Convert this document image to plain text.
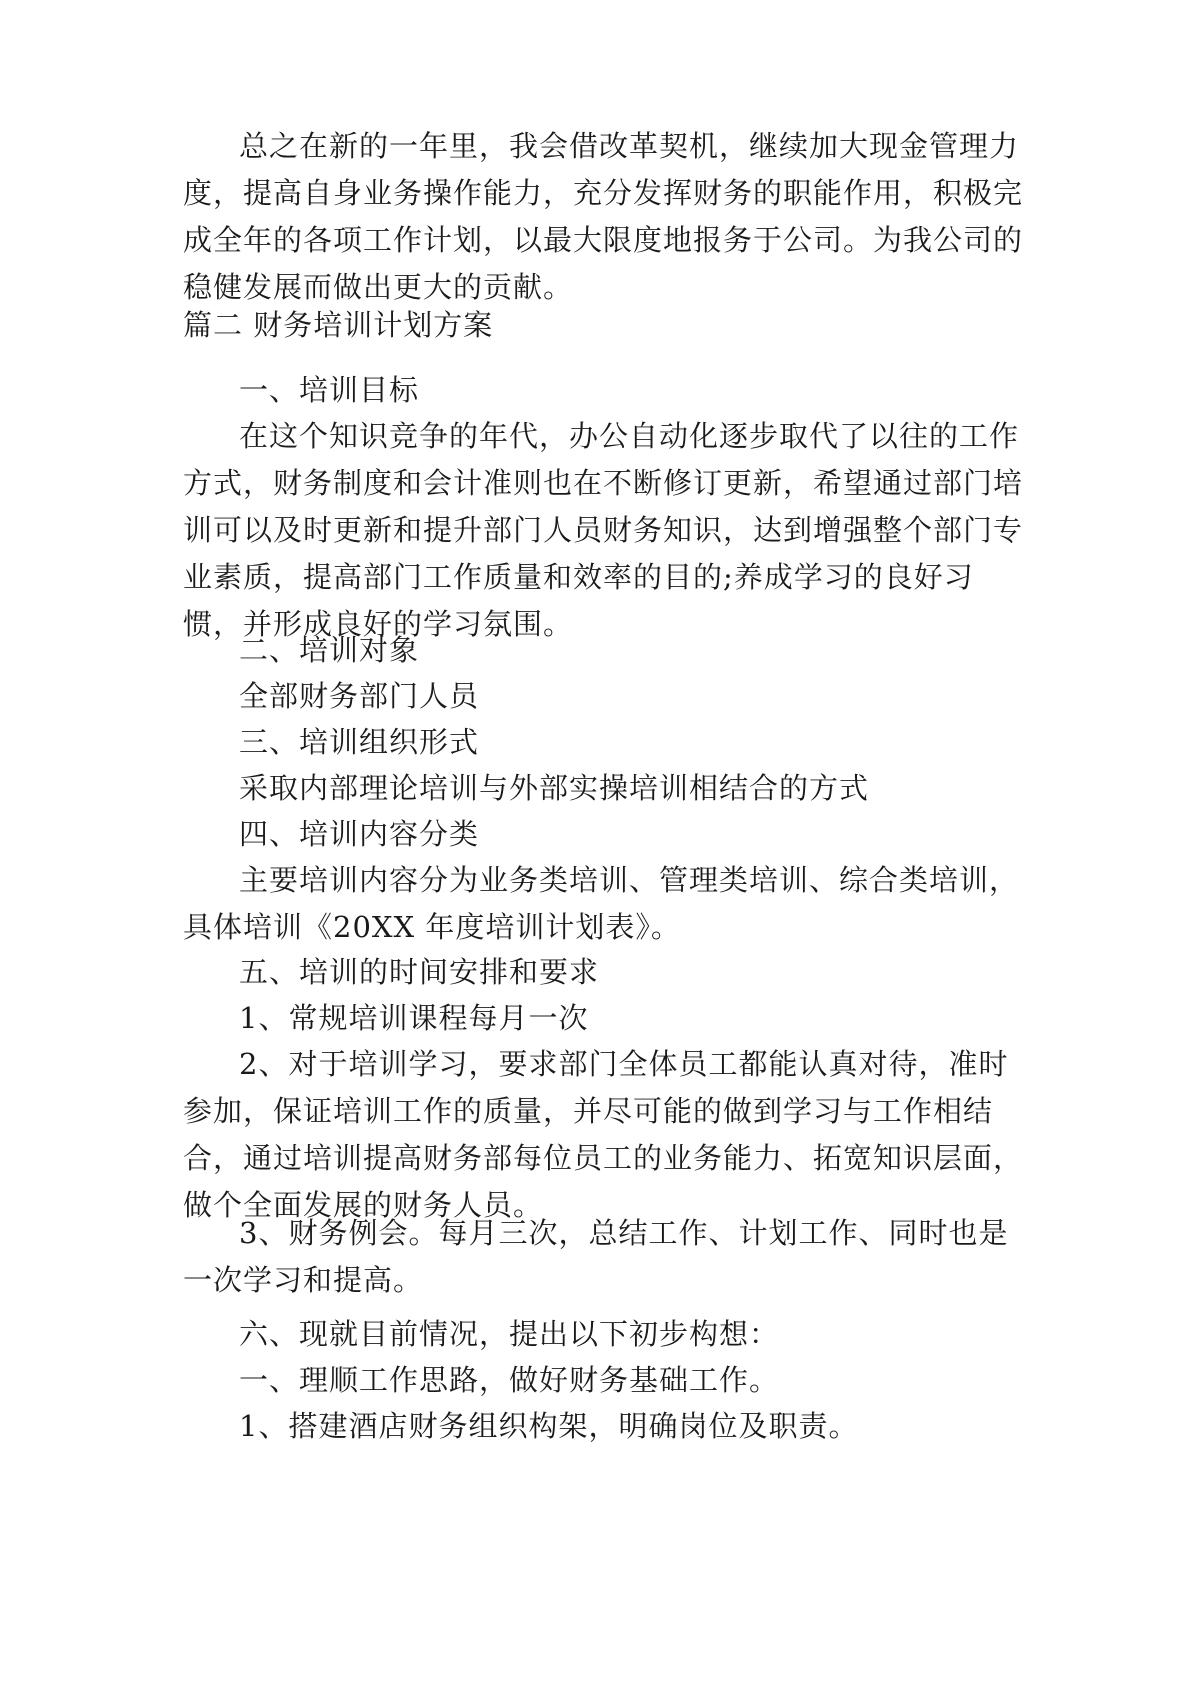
总之在新的一年里，我会借改革契机，继续加大现金管理力度，提高自身业务操作能力，充分发挥财务的职能作用，积极完成全年的各项工作计划，以最大限度地报务于公司。为我公司的稳健发展而做出更大的贡献。

篇二 财务培训计划方案

一、培训目标

在这个知识竞争的年代，办公自动化逐步取代了以往的工作方式，财务制度和会计准则也在不断修订更新，希望通过部门培训可以及时更新和提升部门人员财务知识，达到增强整个部门专业素质，提高部门工作质量和效率的目的;养成学习的良好习惯，并形成良好的学习氛围。

二、培训对象

全部财务部门人员

三、培训组织形式

采取内部理论培训与外部实操培训相结合的方式

四、培训内容分类

主要培训内容分为业务类培训、管理类培训、综合类培训，具体培训《20XX 年度培训计划表》。

五、培训的时间安排和要求

1、常规培训课程每月一次

2、对于培训学习，要求部门全体员工都能认真对待，准时参加，保证培训工作的质量，并尽可能的做到学习与工作相结合，通过培训提高财务部每位员工的业务能力、拓宽知识层面，做个全面发展的财务人员。

3、财务例会。每月三次，总结工作、计划工作、同时也是一次学习和提高。

六、现就目前情况，提出以下初步构想：

一、理顺工作思路，做好财务基础工作。

1、搭建酒店财务组织构架，明确岗位及职责。
